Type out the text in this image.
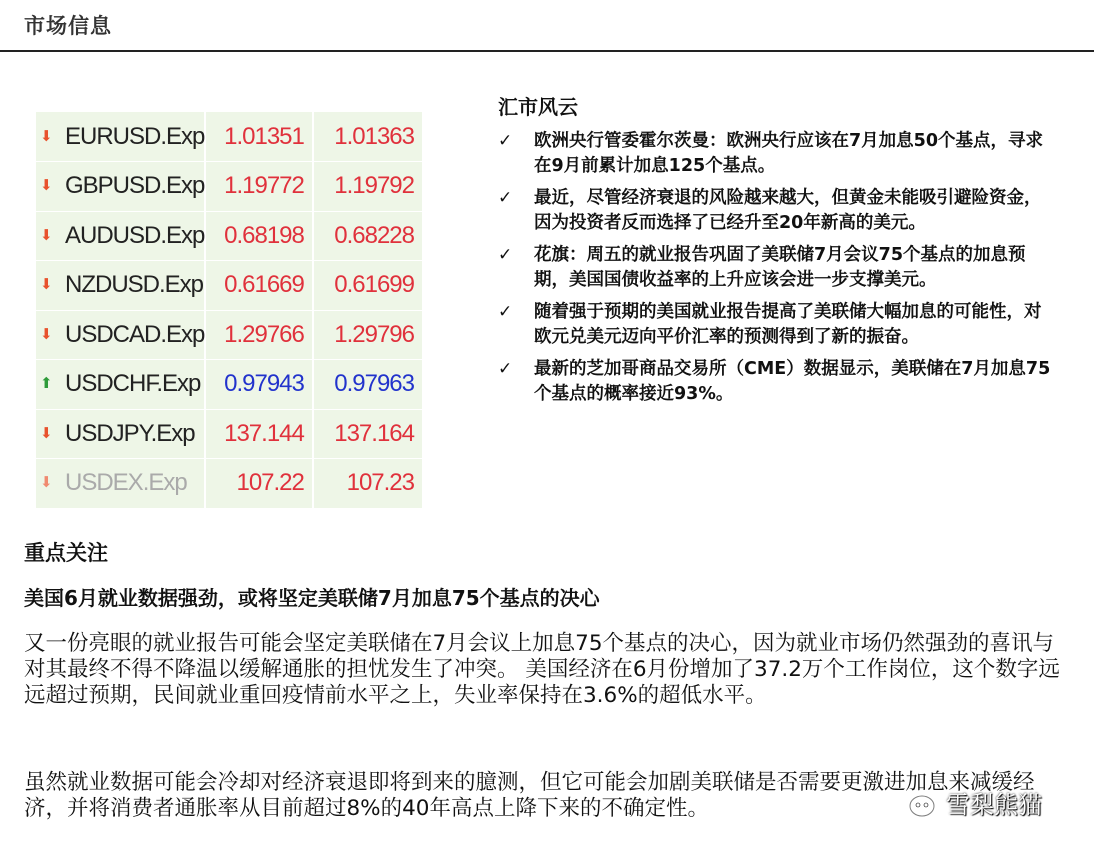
市场信息
⬇ EURUSD.Exp	1.01351	1.01363
⬇ GBPUSD.Exp	1.19772	1.19792
⬇ AUDUSD.Exp	0.68198	0.68228
⬇ NZDUSD.Exp	0.61669	0.61699
⬇ USDCAD.Exp	1.29766	1.29796
⬆ USDCHF.Exp	0.97943	0.97963
⬇ USDJPY.Exp	137.144	137.164
⬇ USDEX.Exp	107.22	107.23
汇市风云
✓ 欧洲央行管委霍尔茨曼：欧洲央行应该在7月加息50个基点，寻求在9月前累计加息125个基点。
✓ 最近，尽管经济衰退的风险越来越大，但黄金未能吸引避险资金，因为投资者反而选择了已经升至20年新高的美元。
✓ 花旗：周五的就业报告巩固了美联储7月会议75个基点的加息预期，美国国债收益率的上升应该会进一步支撑美元。
✓ 随着强于预期的美国就业报告提高了美联储大幅加息的可能性，对欧元兑美元迈向平价汇率的预测得到了新的振奋。
✓ 最新的芝加哥商品交易所（CME）数据显示，美联储在7月加息75个基点的概率接近93%。
重点关注
美国6月就业数据强劲，或将坚定美联储7月加息75个基点的决心

又一份亮眼的就业报告可能会坚定美联储在7月会议上加息75个基点的决心，因为就业市场仍然强劲的喜讯与对其最终不得不降温以缓解通胀的担忧发生了冲突。 美国经济在6月份增加了37.2万个工作岗位，这个数字远远超过预期，民间就业重回疫情前水平之上，失业率保持在3.6%的超低水平。

虽然就业数据可能会冷却对经济衰退即将到来的臆测，但它可能会加剧美联储是否需要更激进加息来减缓经济，并将消费者通胀率从目前超过8%的40年高点上降下来的不确定性。	雪梨熊猫
